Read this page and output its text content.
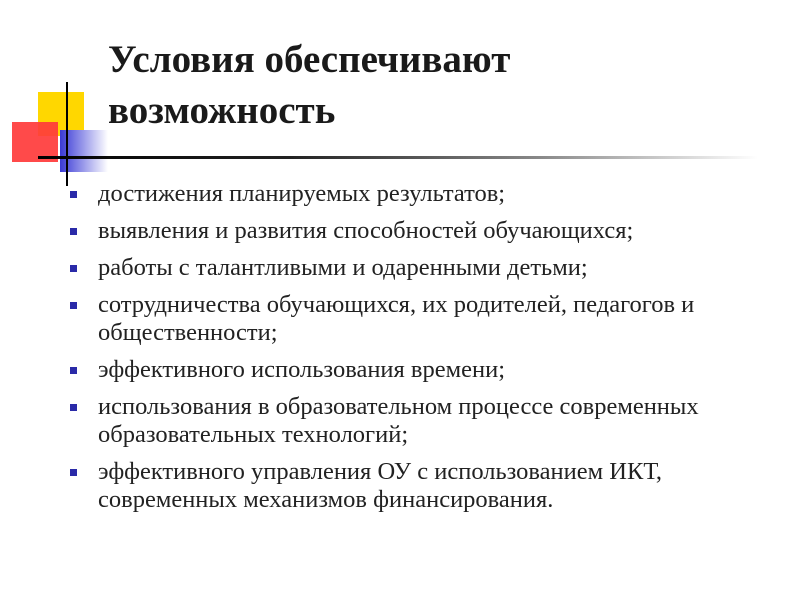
Условия обеспечивают
возможность
достижения планируемых результатов;
выявления и развития способностей обучающихся;
работы с талантливыми и одаренными детьми;
сотрудничества обучающихся, их родителей, педагогов и общественности;
эффективного использования времени;
использования в образовательном процессе современных образовательных технологий;
эффективного управления ОУ с использованием ИКТ, современных механизмов финансирования.
